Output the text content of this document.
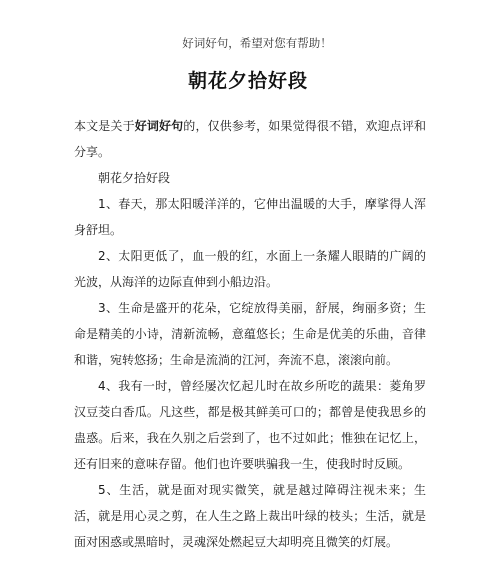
好词好句，希望对您有帮助！
朝花夕拾好段

本文是关于好词好句的，仅供参考，如果觉得很不错，欢迎点评和分享。

朝花夕拾好段

1、春天，那太阳暖洋洋的，它伸出温暖的大手，摩挲得人浑身舒坦。

2、太阳更低了，血一般的红，水面上一条耀人眼睛的广阔的光波，从海洋的边际直伸到小船边沿。

3、生命是盛开的花朵，它绽放得美丽，舒展，绚丽多资；生命是精美的小诗，清新流畅，意蕴悠长；生命是优美的乐曲，音律和谐，宛转悠扬；生命是流淌的江河，奔流不息，滚滚向前。

4、我有一时，曾经屡次忆起儿时在故乡所吃的蔬果：菱角罗汉豆茭白香瓜。凡这些，都是极其鲜美可口的；都曾是使我思乡的蛊惑。后来，我在久别之后尝到了，也不过如此；惟独在记忆上，还有旧来的意味存留。他们也许要哄骗我一生，使我时时反顾。

5、生活，就是面对现实微笑，就是越过障碍注视未来；生活，就是用心灵之剪，在人生之路上裁出叶绿的枝头；生活，就是面对困惑或黑暗时，灵魂深处燃起豆大却明亮且微笑的灯展。
